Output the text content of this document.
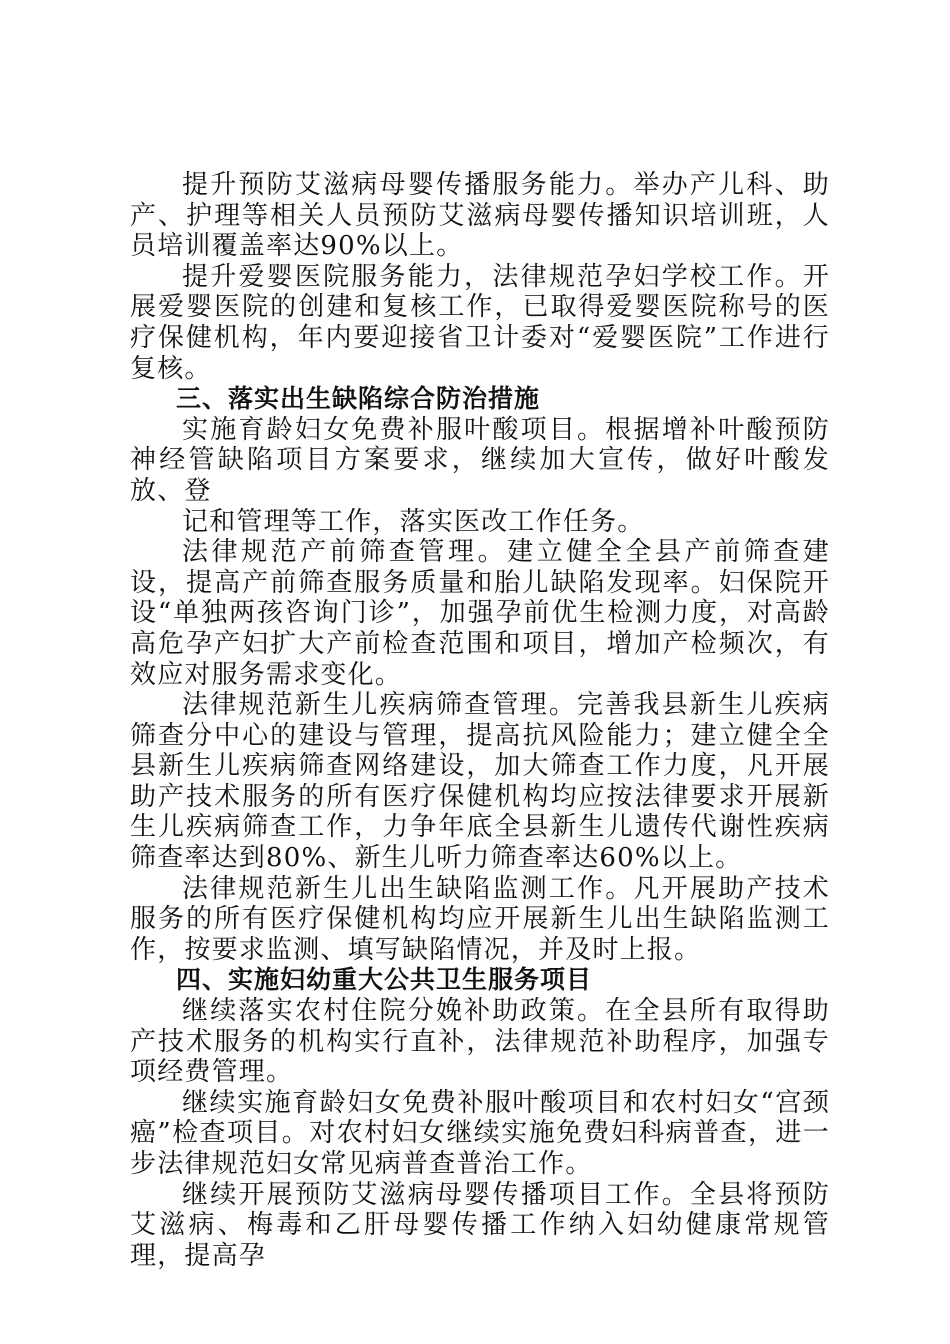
提升预防艾滋病母婴传播服务能力。举办产儿科、助产、护理等相关人员预防艾滋病母婴传播知识培训班，人员培训覆盖率达90%以上。

提升爱婴医院服务能力，法律规范孕妇学校工作。开展爱婴医院的创建和复核工作，已取得爱婴医院称号的医疗保健机构，年内要迎接省卫计委对“爱婴医院”工作进行复核。

三、落实出生缺陷综合防治措施

实施育龄妇女免费补服叶酸项目。根据增补叶酸预防神经管缺陷项目方案要求，继续加大宣传，做好叶酸发放、登

记和管理等工作，落实医改工作任务。

法律规范产前筛查管理。建立健全全县产前筛查建设，提高产前筛查服务质量和胎儿缺陷发现率。妇保院开设“单独两孩咨询门诊”，加强孕前优生检测力度，对高龄高危孕产妇扩大产前检查范围和项目，增加产检频次，有效应对服务需求变化。

法律规范新生儿疾病筛查管理。完善我县新生儿疾病筛查分中心的建设与管理，提高抗风险能力；建立健全全县新生儿疾病筛查网络建设，加大筛查工作力度，凡开展助产技术服务的所有医疗保健机构均应按法律要求开展新生儿疾病筛查工作，力争年底全县新生儿遗传代谢性疾病筛查率达到80%、新生儿听力筛查率达60%以上。

法律规范新生儿出生缺陷监测工作。凡开展助产技术服务的所有医疗保健机构均应开展新生儿出生缺陷监测工作，按要求监测、填写缺陷情况，并及时上报。

四、实施妇幼重大公共卫生服务项目

继续落实农村住院分娩补助政策。在全县所有取得助产技术服务的机构实行直补，法律规范补助程序，加强专项经费管理。

继续实施育龄妇女免费补服叶酸项目和农村妇女“宫颈癌”检查项目。对农村妇女继续实施免费妇科病普查，进一步法律规范妇女常见病普查普治工作。

继续开展预防艾滋病母婴传播项目工作。全县将预防艾滋病、梅毒和乙肝母婴传播工作纳入妇幼健康常规管理，提高孕
